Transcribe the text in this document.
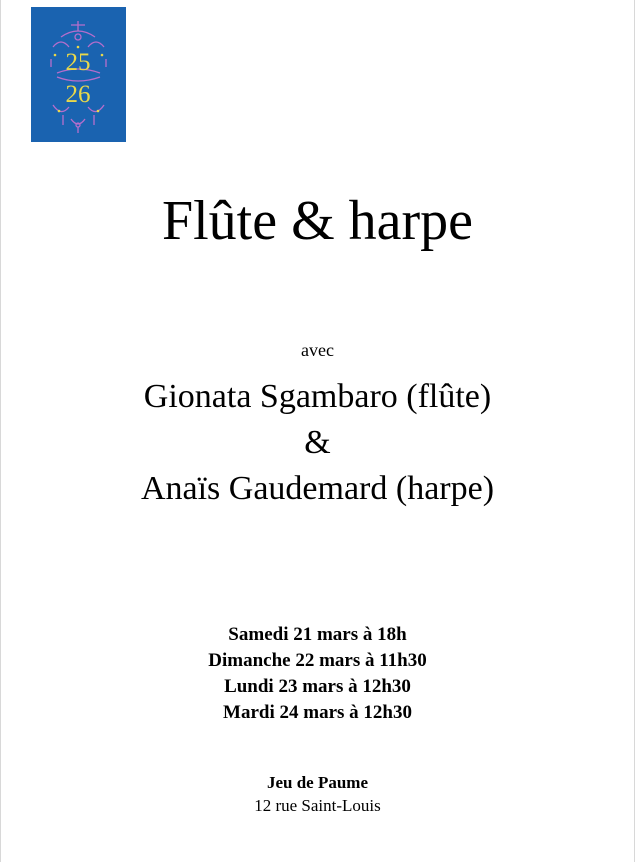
25
26
Flûte & harpe
avec
Gionata Sgambaro (flûte)
&
Anaïs Gaudemard (harpe)
Samedi 21 mars à 18h
Dimanche 22 mars à 11h30
Lundi 23 mars à 12h30
Mardi 24 mars à 12h30
Jeu de Paume
12 rue Saint-Louis
